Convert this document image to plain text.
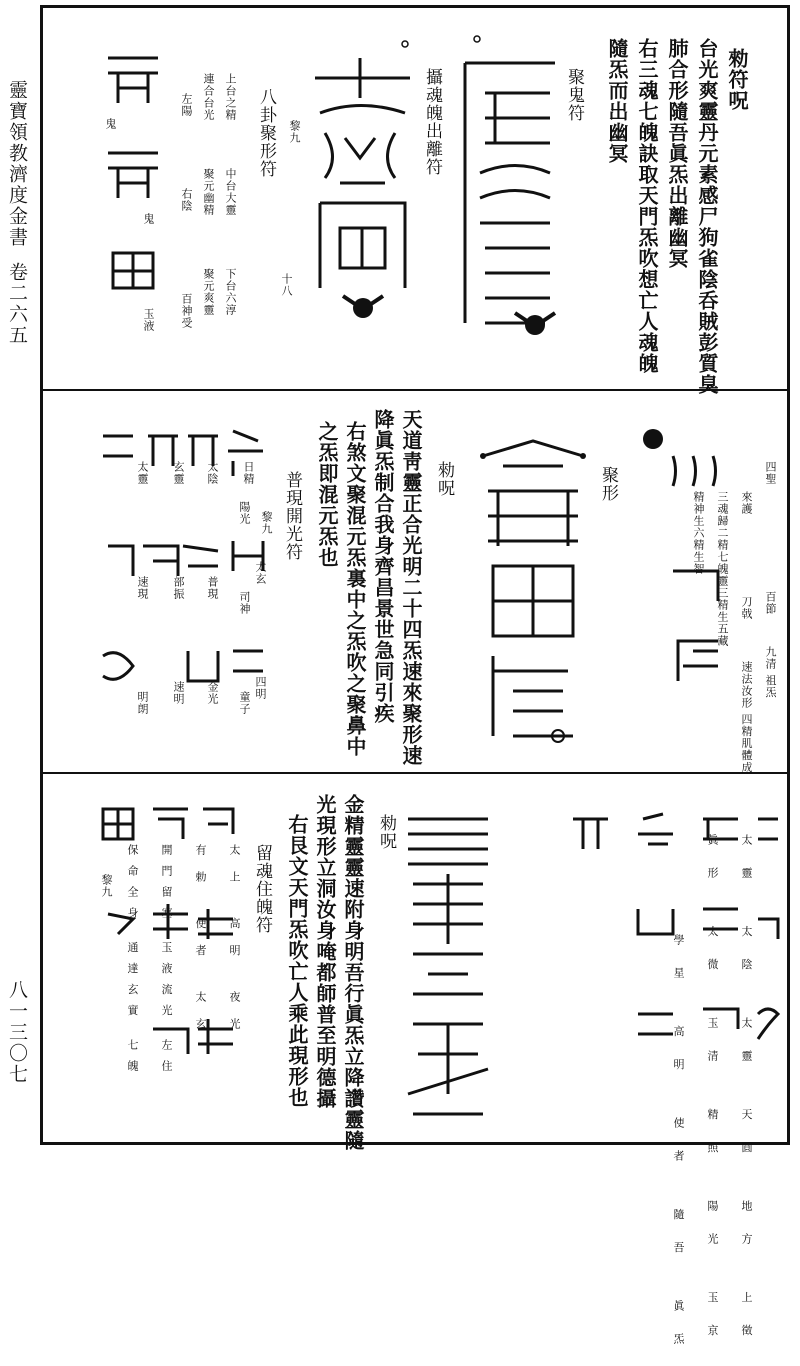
靈寶領教濟度金書卷二六五
八一三〇七
勑符呪
台光爽靈丹元素感尸狗雀陰呑賊彭質臭
肺合形隨吾眞炁出離幽冥
右三魂七魄訣取天門炁吹想亡人魂魄
隨炁而出幽冥
聚鬼符
攝魂魄出離符
十八
八卦聚形符 黎九
上台之精
連合台光
中台大靈
聚元幽精
下台六淳
聚元爽靈
左陽
右陰
百神受
玉液
鬼
鬼
四聖
百節
來護
三魂歸二精七魄靈三精生五藏
精神生六精生智
刀戟
九清 祖炁
速法汝形 四精肌體成
聚形
勑呪
天道靑靈正合光明二十四炁速來聚形速
降眞炁制合我身齊昌景世急同引疾
右煞文聚混元炁裏中之炁吹之聚鼻中
之炁即混元炁也
普現開光符
黎九
日精
陽光
太陰
玄靈
太靈
太玄
司神
普現
部振
速現
四明
童子
金光
速明
明朗
太靈 太陰 太靈 天圓 地方 上徵
眞形 太微 玉清 精照 陽光 玉京
學星 高明 使者 隨吾 眞炁
勑呪
金精靈靈速附身明吾行眞炁立降讚靈隨
光現形立洞汝身唵都師普至明德攝
右艮文天門炁吹亡人乘此現形也
留魂住魄符
黎九	太上 高明 夜光
有勅 使者 太玄
開門留塞 玉液流光 左住
保命全身 通達玄實 七魄
